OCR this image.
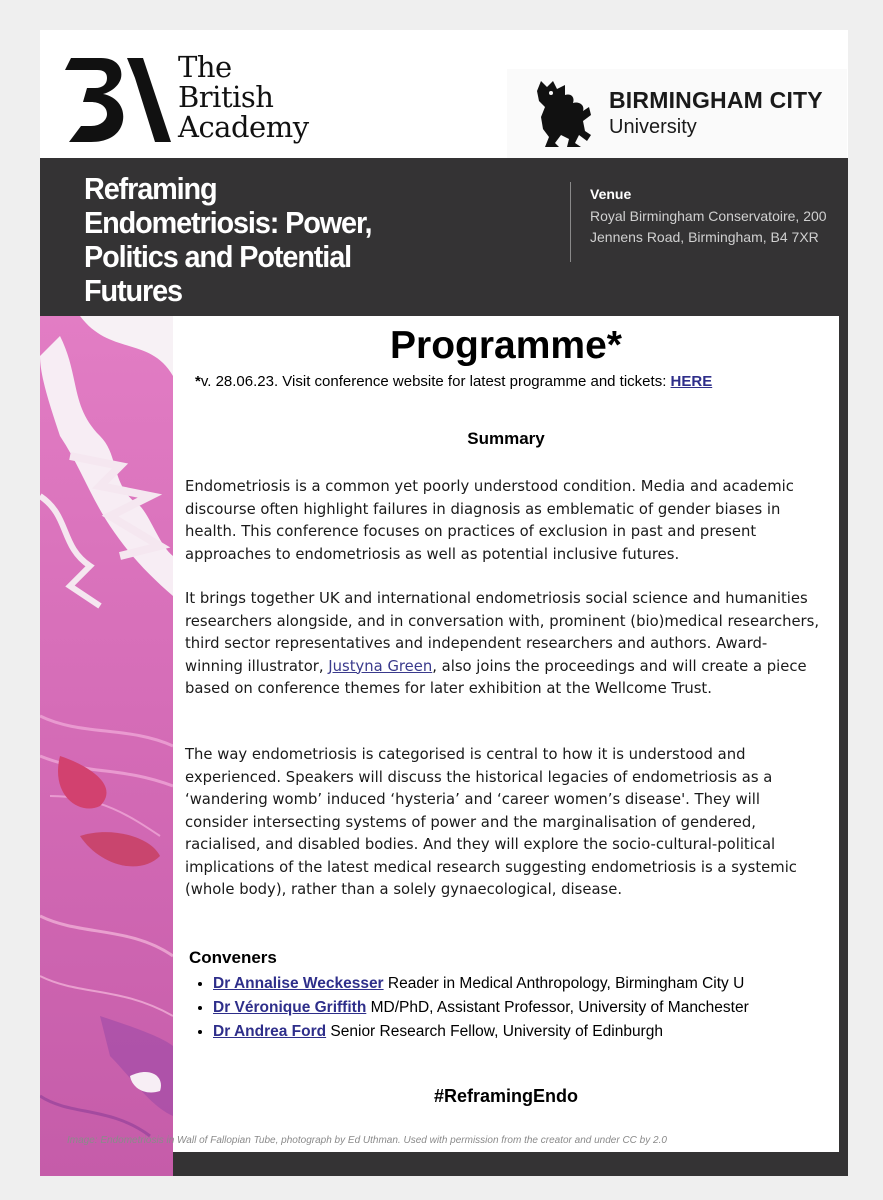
The
British
Academy
BIRMINGHAM CITY
University
Reframing
Endometriosis: Power,
Politics and Potential
Futures
Venue
Royal Birmingham Conservatoire, 200
Jennens Road, Birmingham, B4 7XR
Programme*
*v. 28.06.23. Visit conference website for latest programme and tickets: HERE
Summary
Endometriosis is a common yet poorly understood condition. Media and academic discourse often highlight failures in diagnosis as emblematic of gender biases in health. This conference focuses on practices of exclusion in past and present approaches to endometriosis as well as potential inclusive futures.
It brings together UK and international endometriosis social science and humanities researchers alongside, and in conversation with, prominent (bio)medical researchers, third sector representatives and independent researchers and authors. Award-winning illustrator, Justyna Green, also joins the proceedings and will create a piece based on conference themes for later exhibition at the Wellcome Trust.
The way endometriosis is categorised is central to how it is understood and experienced. Speakers will discuss the historical legacies of endometriosis as a ‘wandering womb’ induced ‘hysteria’ and ‘career women’s disease'. They will consider intersecting systems of power and the marginalisation of gendered, racialised, and disabled bodies. And they will explore the socio-cultural-political implications of the latest medical research suggesting endometriosis is a systemic (whole body), rather than a solely gynaecological, disease.
Conveners
• Dr Annalise Weckesser Reader in Medical Anthropology, Birmingham City U
• Dr Véronique Griffith MD/PhD, Assistant Professor, University of Manchester
• Dr Andrea Ford Senior Research Fellow, University of Edinburgh
#ReframingEndo
Image: Endometriosis in Wall of Fallopian Tube, photograph by Ed Uthman. Used with permission from the creator and under CC by 2.0
